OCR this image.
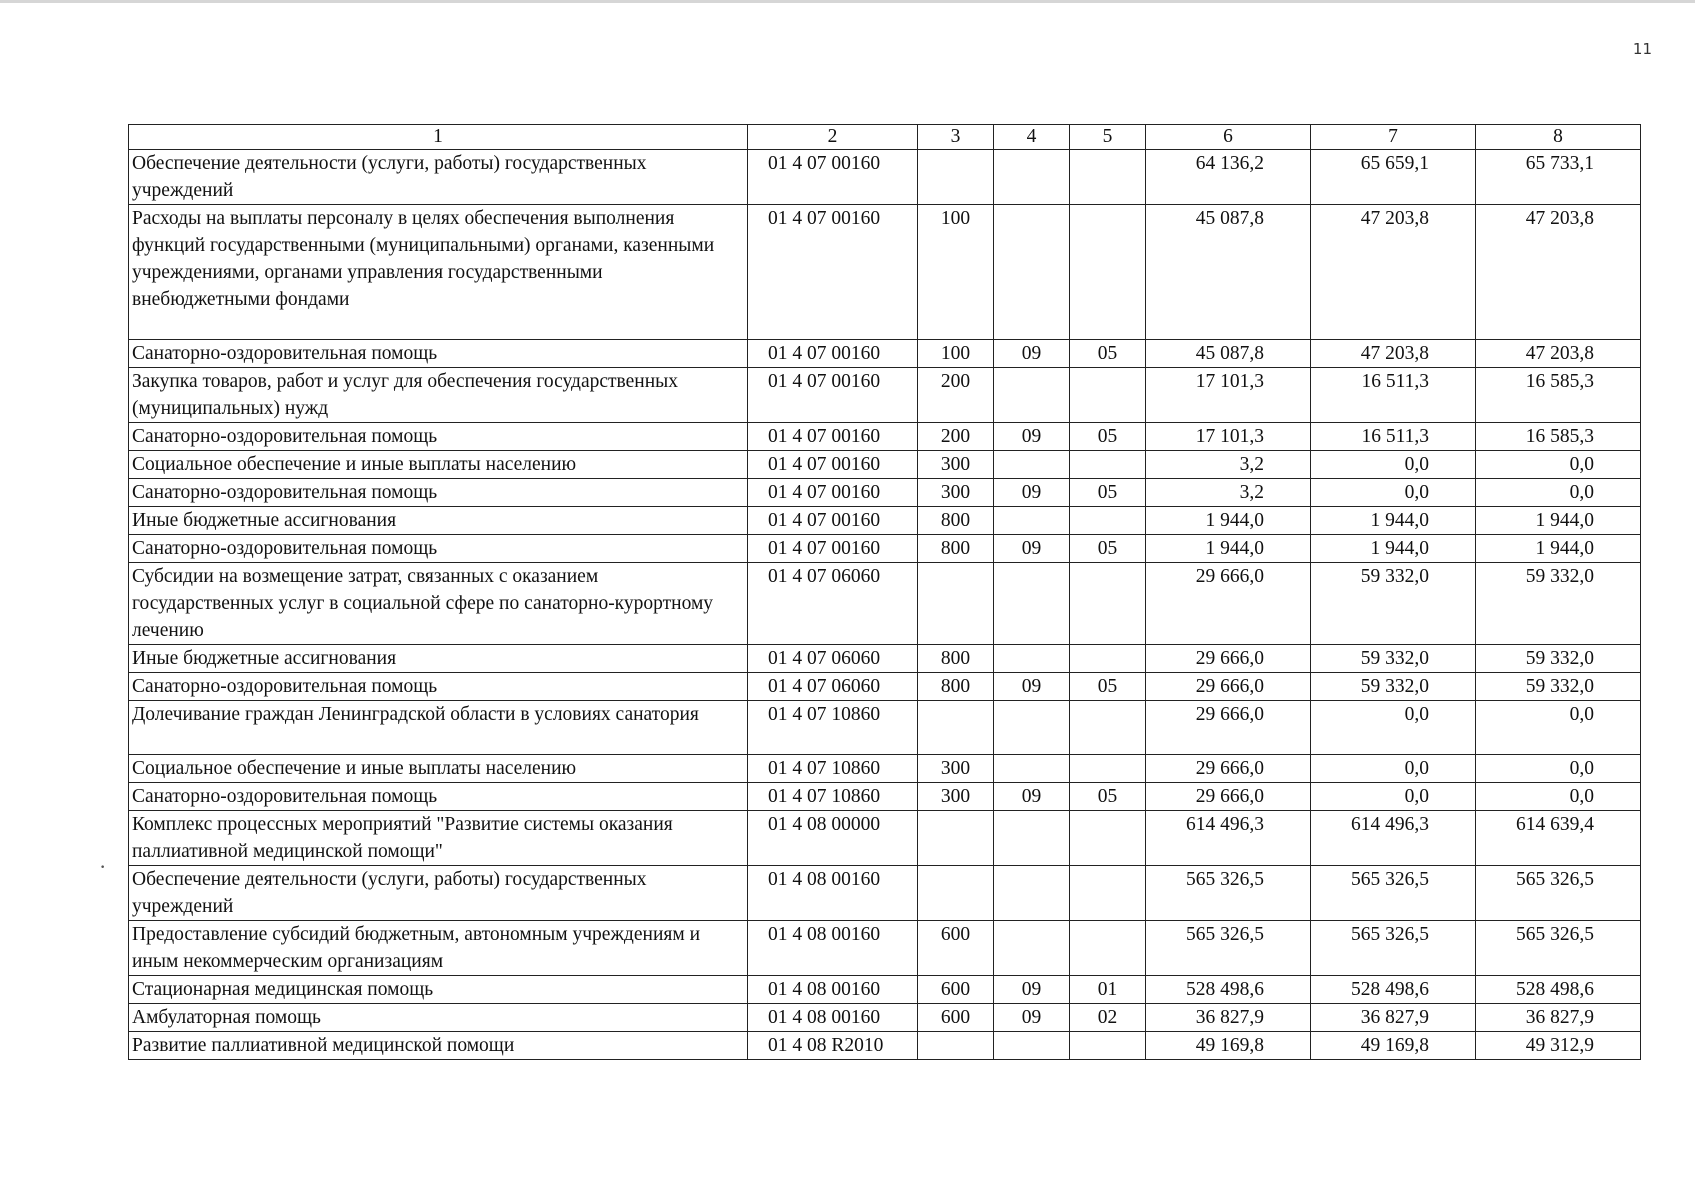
11
1	2	3	4	5	6	7	8
Обеспечение деятельности (услуги, работы) государственных учреждений	01 4 07 00160				64 136,2	65 659,1	65 733,1
Расходы на выплаты персоналу в целях обеспечения выполнения функций государственными (муниципальными) органами, казенными учреждениями, органами управления государственными внебюджетными фондами	01 4 07 00160	100			45 087,8	47 203,8	47 203,8
Санаторно-оздоровительная помощь	01 4 07 00160	100	09	05	45 087,8	47 203,8	47 203,8
Закупка товаров, работ и услуг для обеспечения государственных (муниципальных) нужд	01 4 07 00160	200			17 101,3	16 511,3	16 585,3
Санаторно-оздоровительная помощь	01 4 07 00160	200	09	05	17 101,3	16 511,3	16 585,3
Социальное обеспечение и иные выплаты населению	01 4 07 00160	300			3,2	0,0	0,0
Санаторно-оздоровительная помощь	01 4 07 00160	300	09	05	3,2	0,0	0,0
Иные бюджетные ассигнования	01 4 07 00160	800			1 944,0	1 944,0	1 944,0
Санаторно-оздоровительная помощь	01 4 07 00160	800	09	05	1 944,0	1 944,0	1 944,0
Субсидии на возмещение затрат, связанных с оказанием государственных услуг в социальной сфере по санаторно-курортному лечению	01 4 07 06060				29 666,0	59 332,0	59 332,0
Иные бюджетные ассигнования	01 4 07 06060	800			29 666,0	59 332,0	59 332,0
Санаторно-оздоровительная помощь	01 4 07 06060	800	09	05	29 666,0	59 332,0	59 332,0
Долечивание граждан Ленинградской области в условиях санатория	01 4 07 10860				29 666,0	0,0	0,0
Социальное обеспечение и иные выплаты населению	01 4 07 10860	300			29 666,0	0,0	0,0
Санаторно-оздоровительная помощь	01 4 07 10860	300	09	05	29 666,0	0,0	0,0
Комплекс процессных мероприятий "Развитие системы оказания паллиативной медицинской помощи"	01 4 08 00000				614 496,3	614 496,3	614 639,4
Обеспечение деятельности (услуги, работы) государственных учреждений	01 4 08 00160				565 326,5	565 326,5	565 326,5
Предоставление субсидий бюджетным, автономным учреждениям и иным некоммерческим организациям	01 4 08 00160	600			565 326,5	565 326,5	565 326,5
Стационарная медицинская помощь	01 4 08 00160	600	09	01	528 498,6	528 498,6	528 498,6
Амбулаторная помощь	01 4 08 00160	600	09	02	36 827,9	36 827,9	36 827,9
Развитие паллиативной медицинской помощи	01 4 08 R2010				49 169,8	49 169,8	49 312,9
•
